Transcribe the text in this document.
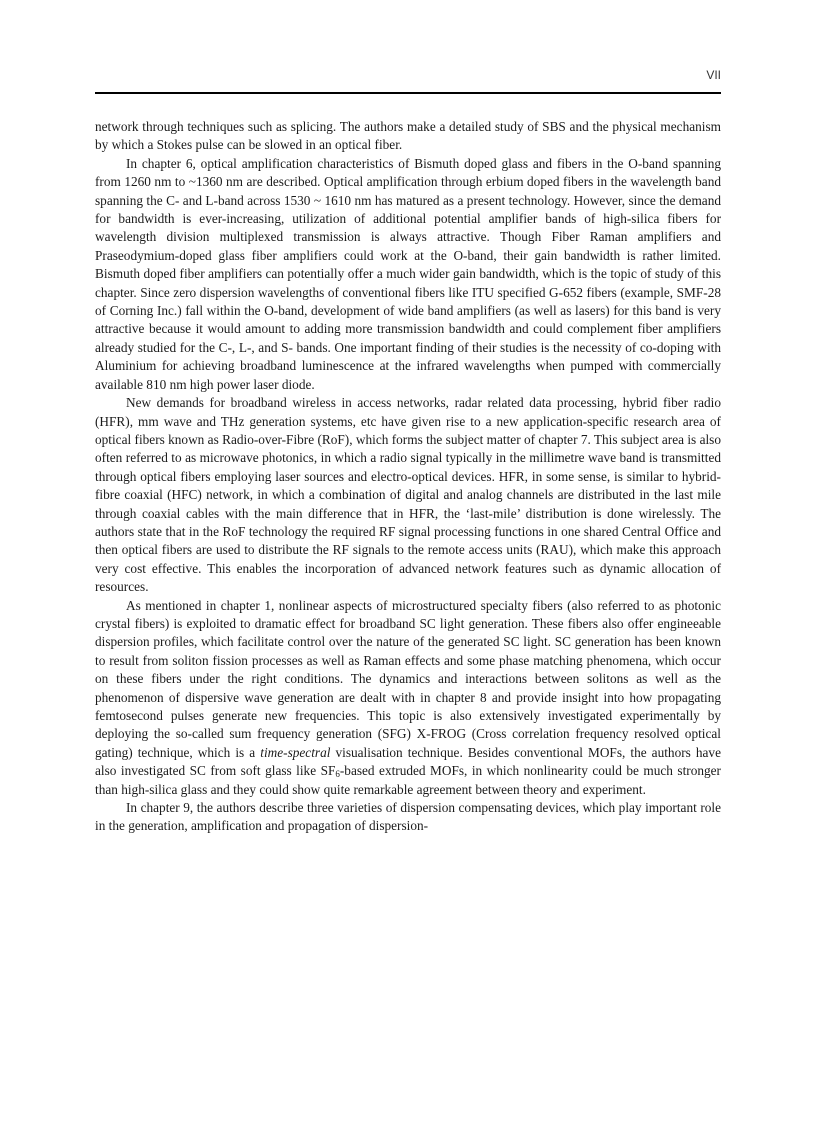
VII

network through techniques such as splicing. The authors make a detailed study of SBS and the physical mechanism by which a Stokes pulse can be slowed in an optical fiber.

In chapter 6, optical amplification characteristics of Bismuth doped glass and fibers in the O-band spanning from 1260 nm to ~1360 nm are described. Optical amplification through erbium doped fibers in the wavelength band spanning the C- and L-band across 1530 ~ 1610 nm has matured as a present technology. However, since the demand for bandwidth is ever-increasing, utilization of additional potential amplifier bands of high-silica fibers for wavelength division multiplexed transmission is always attractive. Though Fiber Raman amplifiers and Praseodymium-doped glass fiber amplifiers could work at the O-band, their gain bandwidth is rather limited. Bismuth doped fiber amplifiers can potentially offer a much wider gain bandwidth, which is the topic of study of this chapter. Since zero dispersion wavelengths of conventional fibers like ITU specified G-652 fibers (example, SMF-28 of Corning Inc.) fall within the O-band, development of wide band amplifiers (as well as lasers) for this band is very attractive because it would amount to adding more transmission bandwidth and could complement fiber amplifiers already studied for the C-, L-, and S- bands. One important finding of their studies is the necessity of co-doping with Aluminium for achieving broadband luminescence at the infrared wavelengths when pumped with commercially available 810 nm high power laser diode.

New demands for broadband wireless in access networks, radar related data processing, hybrid fiber radio (HFR), mm wave and THz generation systems, etc have given rise to a new application-specific research area of optical fibers known as Radio-over-Fibre (RoF), which forms the subject matter of chapter 7. This subject area is also often referred to as microwave photonics, in which a radio signal typically in the millimetre wave band is transmitted through optical fibers employing laser sources and electro-optical devices. HFR, in some sense, is similar to hybrid-fibre coaxial (HFC) network, in which a combination of digital and analog channels are distributed in the last mile through coaxial cables with the main difference that in HFR, the ‘last-mile’ distribution is done wirelessly. The authors state that in the RoF technology the required RF signal processing functions in one shared Central Office and then optical fibers are used to distribute the RF signals to the remote access units (RAU), which make this approach very cost effective. This enables the incorporation of advanced network features such as dynamic allocation of resources.

As mentioned in chapter 1, nonlinear aspects of microstructured specialty fibers (also referred to as photonic crystal fibers) is exploited to dramatic effect for broadband SC light generation. These fibers also offer engineeable dispersion profiles, which facilitate control over the nature of the generated SC light. SC generation has been known to result from soliton fission processes as well as Raman effects and some phase matching phenomena, which occur on these fibers under the right conditions. The dynamics and interactions between solitons as well as the phenomenon of dispersive wave generation are dealt with in chapter 8 and provide insight into how propagating femtosecond pulses generate new frequencies. This topic is also extensively investigated experimentally by deploying the so-called sum frequency generation (SFG) X-FROG (Cross correlation frequency resolved optical gating) technique, which is a time-spectral visualisation technique. Besides conventional MOFs, the authors have also investigated SC from soft glass like $SF_6$-based extruded MOFs, in which nonlinearity could be much stronger than high-silica glass and they could show quite remarkable agreement between theory and experiment.

In chapter 9, the authors describe three varieties of dispersion compensating devices, which play important role in the generation, amplification and propagation of dispersion-
